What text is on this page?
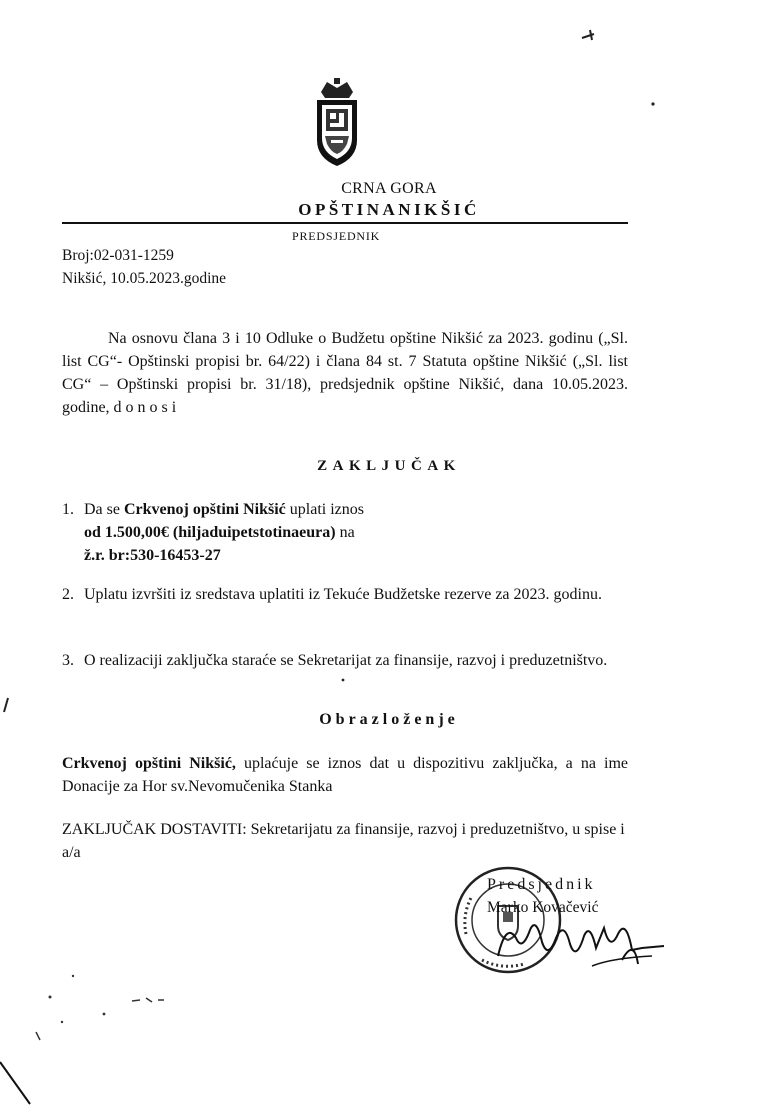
CRNA GORA
OPŠTINANIKŠIĆ
PREDSJEDNIK
Broj:02-031-1259
Nikšić, 10.05.2023.godine
Na osnovu člana 3 i 10 Odluke o Budžetu opštine Nikšić za 2023. godinu („Sl. list CG“- Opštinski propisi br. 64/22) i člana 84 st. 7 Statuta opštine Nikšić („Sl. list CG“ – Opštinski propisi br. 31/18), predsjednik opštine Nikšić, dana 10.05.2023. godine, d o n o s i
ZAKLJUČAK
1. Da se Crkvenoj opštini Nikšić uplati iznos
od 1.500,00€ (hiljaduipetstotinaeura) na
ž.r. br:530-16453-27
2. Uplatu izvršiti iz sredstava uplatiti iz Tekuće Budžetske rezerve za 2023. godinu.
3. O realizaciji zaključka staraće se Sekretarijat za finansije, razvoj i preduzetništvo.
Obrazloženje
Crkvenoj opštini Nikšić, uplaćuje se iznos dat u dispozitivu zaključka, a na ime Donacije za Hor sv.Nevomučenika Stanka
ZAKLJUČAK DOSTAVITI: Sekretarijatu za finansije, razvoj i preduzetništvo, u spise i a/a
Predsjednik
Marko Kovačević
